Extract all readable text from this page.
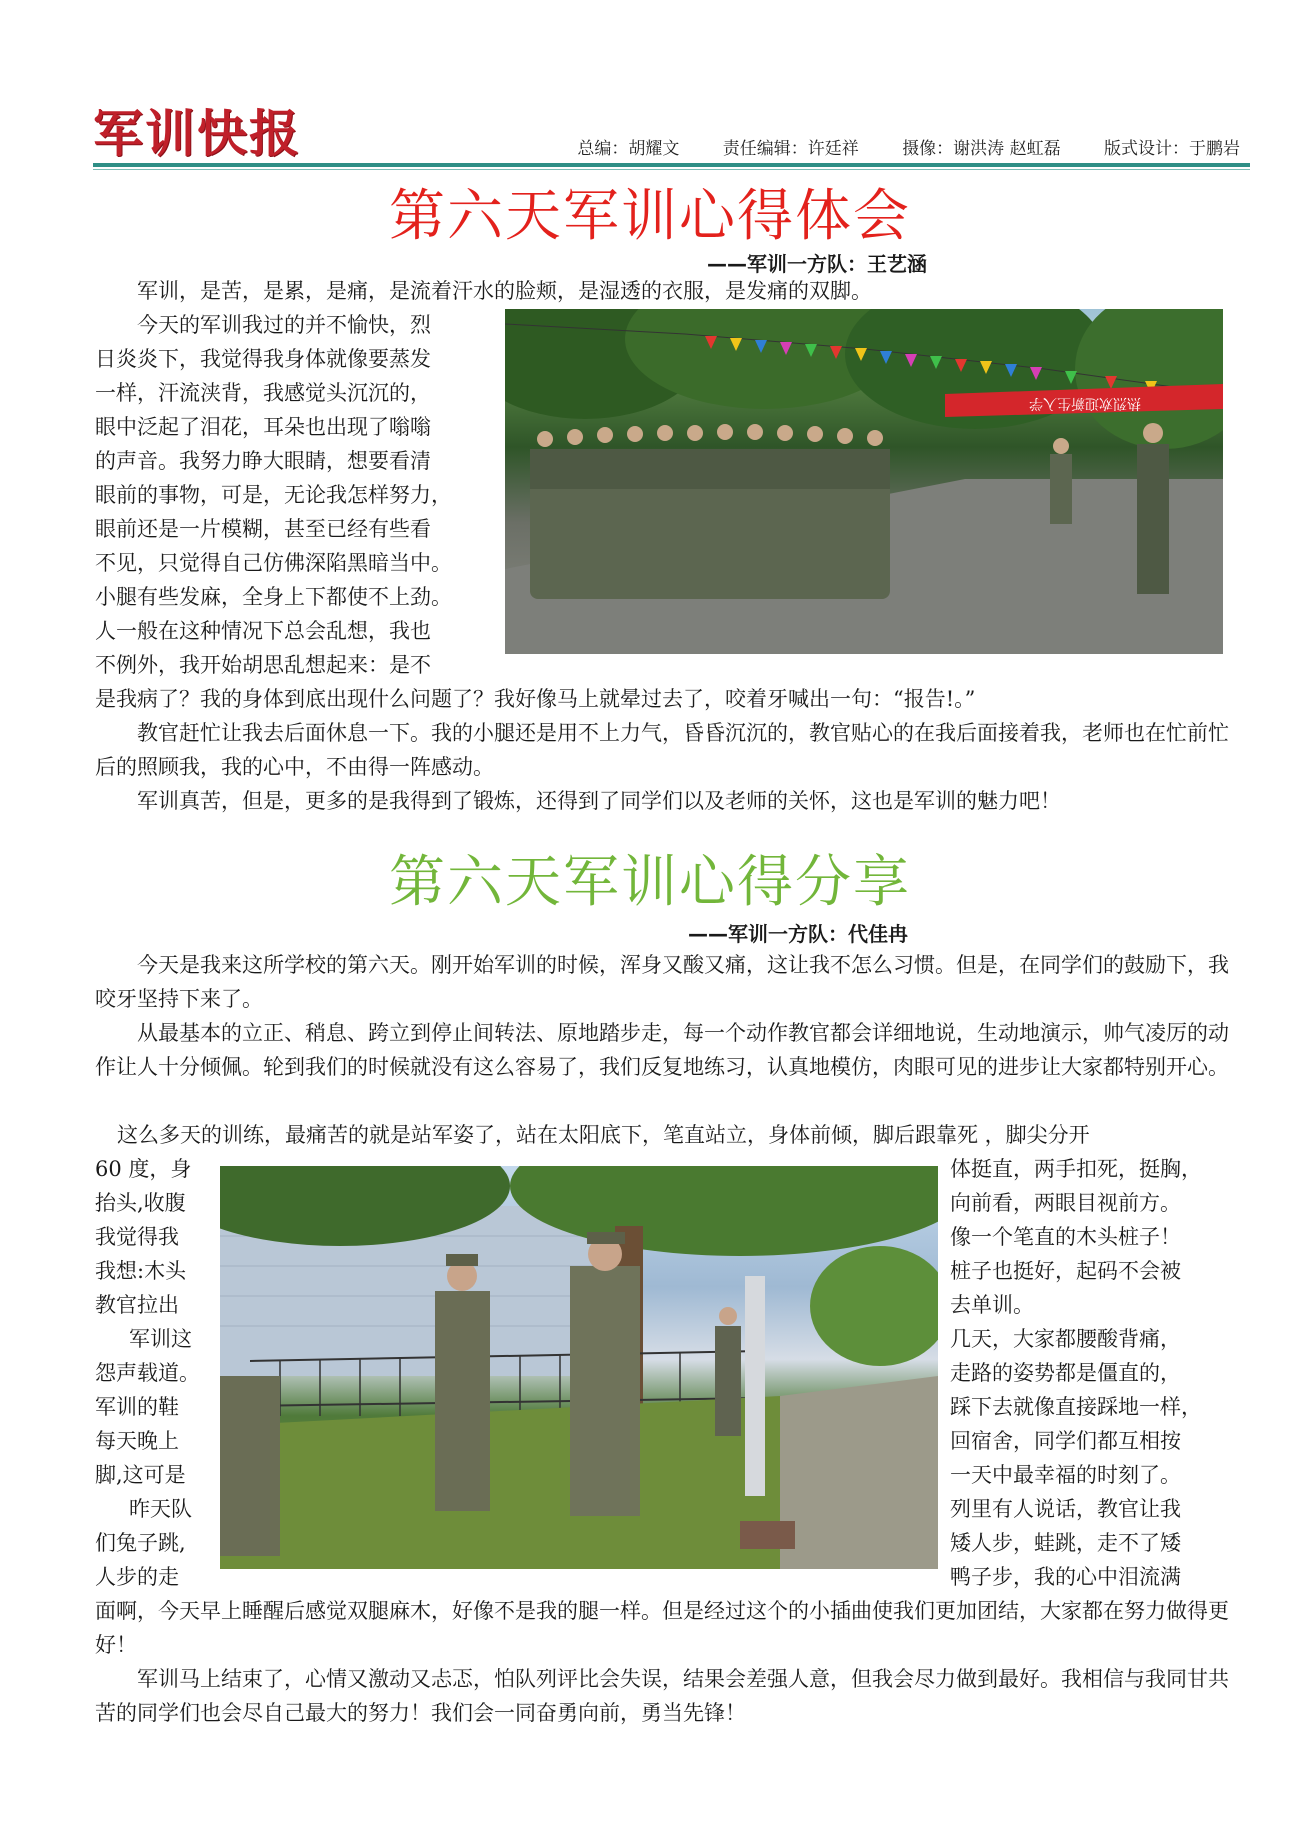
军训快报	总编：胡耀文	责任编辑：许廷祥	摄像：谢洪涛 赵虹磊	版式设计：于鹏岩
第六天军训心得体会
——军训一方队：王艺涵

军训，是苦，是累，是痛，是流着汗水的脸颊，是湿透的衣服，是发痛的双脚。

今天的军训我过的并不愉快，烈
日炎炎下，我觉得我身体就像要蒸发
一样，汗流浃背，我感觉头沉沉的，
眼中泛起了泪花，耳朵也出现了嗡嗡
的声音。我努力睁大眼睛，想要看清
眼前的事物，可是，无论我怎样努力，
眼前还是一片模糊，甚至已经有些看
不见，只觉得自己仿佛深陷黑暗当中。
小腿有些发麻，全身上下都使不上劲。
人一般在这种情况下总会乱想，我也
不例外，我开始胡思乱想起来：是不
热烈欢迎新生入学

是我病了？我的身体到底出现什么问题了？我好像马上就晕过去了，咬着牙喊出一句：“报告!。”

教官赶忙让我去后面休息一下。我的小腿还是用不上力气，昏昏沉沉的，教官贴心的在我后面接着我，老师也在忙前忙后的照顾我，我的心中，不由得一阵感动。

军训真苦，但是，更多的是我得到了锻炼，还得到了同学们以及老师的关怀，这也是军训的魅力吧！

第六天军训心得分享
——军训一方队：代佳冉

今天是我来这所学校的第六天。刚开始军训的时候，浑身又酸又痛，这让我不怎么习惯。但是，在同学们的鼓励下，我咬牙坚持下来了。

从最基本的立正、稍息、跨立到停止间转法、原地踏步走，每一个动作教官都会详细地说，生动地演示，帅气凌厉的动作让人十分倾佩。轮到我们的时候就没有这么容易了，我们反复地练习，认真地模仿，肉眼可见的进步让大家都特别开心。

这么多天的训练，最痛苦的就是站军姿了，站在太阳底下，笔直站立，身体前倾，脚后跟靠死 ，脚尖分开
60 度，身
抬头,收腹
我觉得我
我想:木头
教官拉出
军训这
怨声载道。
军训的鞋
每天晚上
脚,这可是
昨天队
们兔子跳,
人步的走
体挺直，两手扣死，挺胸，
向前看，两眼目视前方。
像一个笔直的木头桩子！
桩子也挺好，起码不会被
去单训。
几天，大家都腰酸背痛，
走路的姿势都是僵直的，
踩下去就像直接踩地一样，
回宿舍，同学们都互相按
一天中最幸福的时刻了。
列里有人说话，教官让我
矮人步，蛙跳，走不了矮
鸭子步，我的心中泪流满

面啊，今天早上睡醒后感觉双腿麻木，好像不是我的腿一样。但是经过这个的小插曲使我们更加团结，大家都在努力做得更好！

军训马上结束了，心情又激动又忐忑，怕队列评比会失误，结果会差强人意，但我会尽力做到最好。我相信与我同甘共苦的同学们也会尽自己最大的努力！我们会一同奋勇向前，勇当先锋！
